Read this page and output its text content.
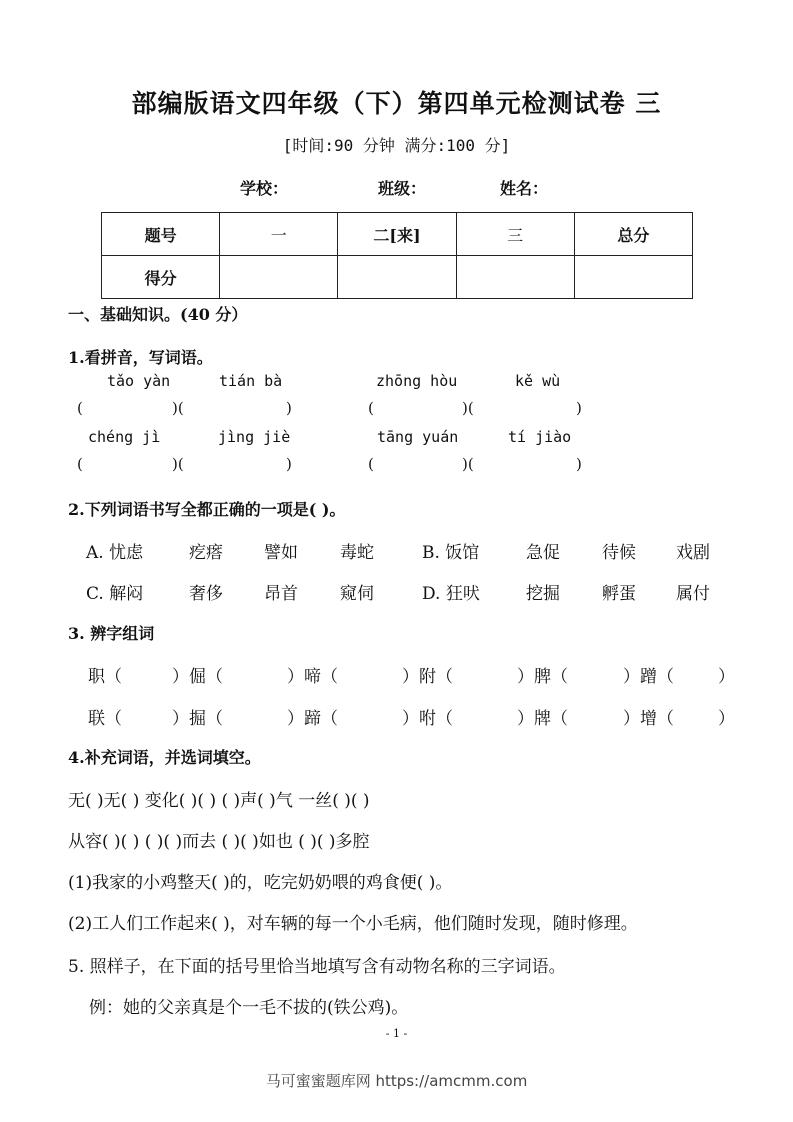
部编版语文四年级（下）第四单元检测试卷 三
[时间:90 分钟 满分:100 分]
学校：	班级：	姓名：
题号	一	二[来]	三	总分
得分				
一、基础知识。(40 分）
1.看拼音，写词语。
tǎo yàn	tián bà	zhōng hòu	kě wù
(	)(	)	(	)(	)
chéng jì	jìng jiè	tāng yuán	tí jiào
(	)(	)	(	)(	)
2.下列词语书写全都正确的一项是( )。
A. 忧虑	疙瘩 譬如 毒蛇	B. 饭馆	急促 待候 戏剧
C. 解闷	奢侈 昂首 窥伺	D. 狂吠	挖掘 孵蛋 属付
3. 辨字组词
职（	）倔（	）啼（	）附（	）脾（	）蹭（	）
联（	）掘（	）蹄（	）咐（	）牌（	）增（	）
4.补充词语，并选词填空。
无( )无( ) 变化( )( ) ( )声( )气 一丝( )( )
从容( )( ) ( )( )而去 ( )( )如也 ( )( )多腔
(1)我家的小鸡整天( )的，吃完奶奶喂的鸡食便( )。
(2)工人们工作起来( )，对车辆的每一个小毛病，他们随时发现，随时修理。
5. 照样子，在下面的括号里恰当地填写含有动物名称的三字词语。
例：她的父亲真是个一毛不拔的(铁公鸡)。
- 1 -
马可蜜蜜题库网 https://amcmm.com
